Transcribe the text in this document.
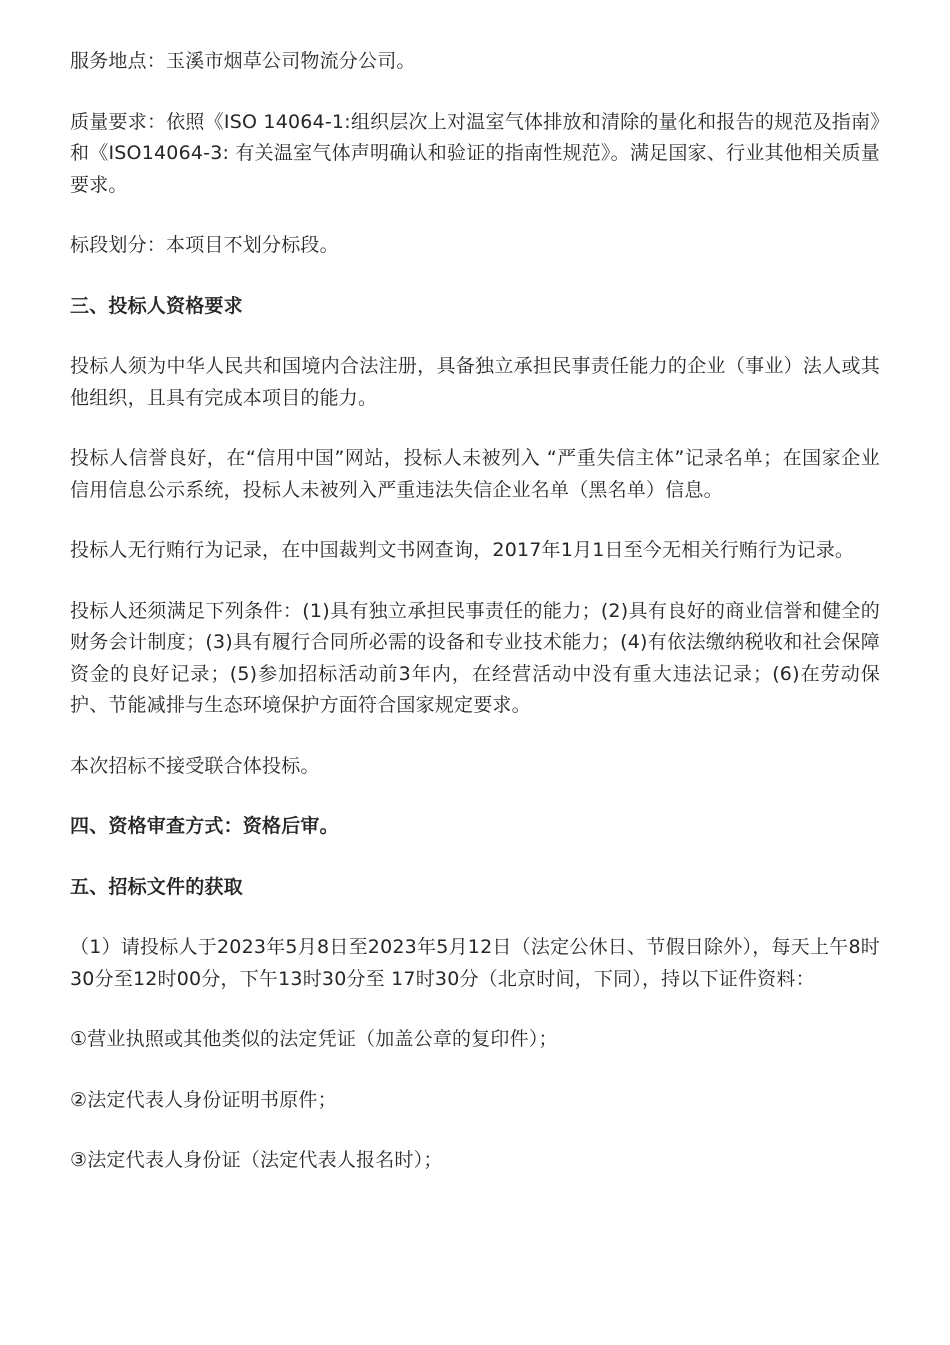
服务地点：玉溪市烟草公司物流分公司。

质量要求：依照《ISO 14064-1:组织层次上对温室气体排放和清除的量化和报告的规范及指南》和《ISO14064-3: 有关温室气体声明确认和验证的指南性规范》。满足国家、行业其他相关质量要求。

标段划分：本项目不划分标段。

三、投标人资格要求

投标人须为中华人民共和国境内合法注册，具备独立承担民事责任能力的企业（事业）法人或其他组织，且具有完成本项目的能力。

投标人信誉良好，在“信用中国”网站，投标人未被列入 “严重失信主体”记录名单；在国家企业信用信息公示系统，投标人未被列入严重违法失信企业名单（黑名单）信息。

投标人无行贿行为记录，在中国裁判文书网查询，2017年1月1日至今无相关行贿行为记录。

投标人还须满足下列条件：(1)具有独立承担民事责任的能力；(2)具有良好的商业信誉和健全的财务会计制度；(3)具有履行合同所必需的设备和专业技术能力；(4)有依法缴纳税收和社会保障资金的良好记录；(5)参加招标活动前3年内，在经营活动中没有重大违法记录；(6)在劳动保护、节能减排与生态环境保护方面符合国家规定要求。

本次招标不接受联合体投标。

四、资格审查方式：资格后审。

五、招标文件的获取

（1）请投标人于2023年5月8日至2023年5月12日（法定公休日、节假日除外），每天上午8时30分至12时00分，下午13时30分至 17时30分（北京时间，下同），持以下证件资料：

①营业执照或其他类似的法定凭证（加盖公章的复印件）；

②法定代表人身份证明书原件；

③法定代表人身份证（法定代表人报名时）；
